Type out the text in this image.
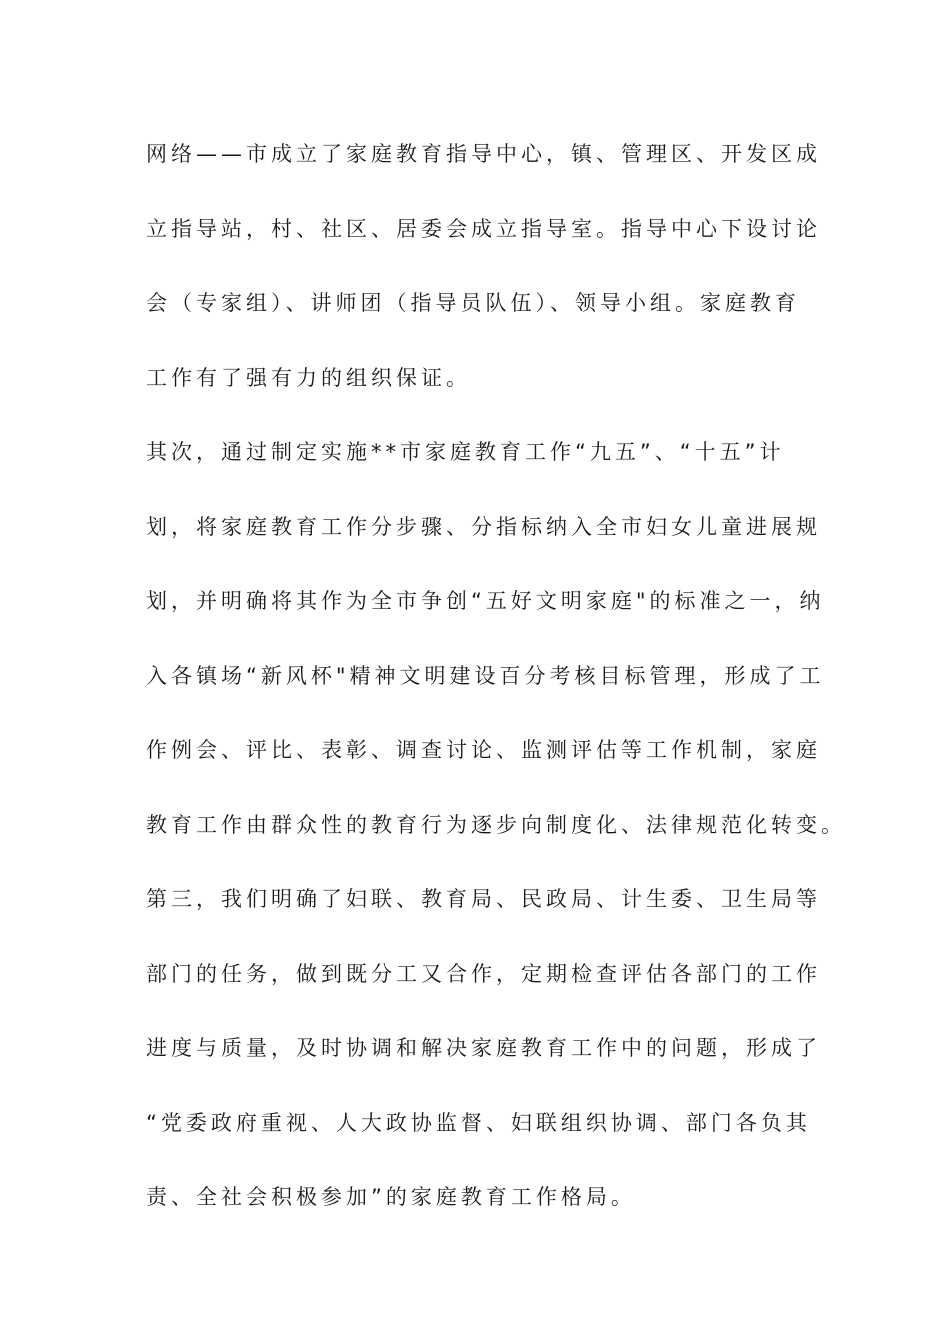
网络——市成立了家庭教育指导中心，镇、管理区、开发区成
立指导站，村、社区、居委会成立指导室。指导中心下设讨论
会（专家组）、讲师团（指导员队伍）、领导小组。家庭教育
工作有了强有力的组织保证。
其次，通过制定实施**市家庭教育工作“九五”、“十五”计
划，将家庭教育工作分步骤、分指标纳入全市妇女儿童进展规
划，并明确将其作为全市争创“五好文明家庭"的标准之一，纳
入各镇场“新风杯"精神文明建设百分考核目标管理，形成了工
作例会、评比、表彰、调查讨论、监测评估等工作机制，家庭
教育工作由群众性的教育行为逐步向制度化、法律规范化转变。
第三，我们明确了妇联、教育局、民政局、计生委、卫生局等
部门的任务，做到既分工又合作，定期检查评估各部门的工作
进度与质量，及时协调和解决家庭教育工作中的问题，形成了
“党委政府重视、人大政协监督、妇联组织协调、部门各负其
责、全社会积极参加”的家庭教育工作格局。
